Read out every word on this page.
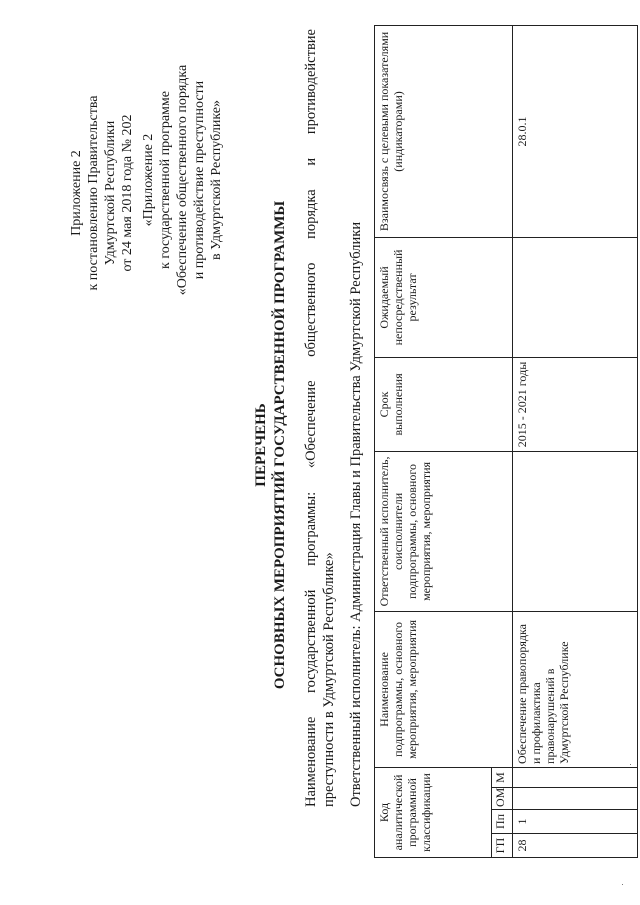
Приложение 2 к постановлению Правительства Удмуртской Республики от 24 мая 2018 года № 202 «Приложение 2 к государственной программе «Обеспечение общественного порядка и противодействие преступности в Удмуртской Республике»
ПЕРЕЧЕНЬ ОСНОВНЫХ МЕРОПРИЯТИЙ ГОСУДАРСТВЕННОЙ ПРОГРАММЫ Наименование государственной программы: «Обеспечение общественного порядка и противодействие преступности в Удмуртской Республике» Ответственный исполнитель: Администрация Главы и Правительства Удмуртской Республики
Код аналитической программной классификации				Наименование подпрограммы, основного мероприятия, мероприятия	Ответственный исполнитель, соисполнители подпрограммы, основного мероприятия, мероприятия	Срок выполнения	Ожидаемый непосредственный результат	Взаимосвязь с целевыми показателями (индикаторами)
ГП	Пп	ОМ	М					
28	1			Обеспечение правопорядка и профилактика правонарушений в Удмуртской Республике		2015 - 2021 годы		28.0.1
